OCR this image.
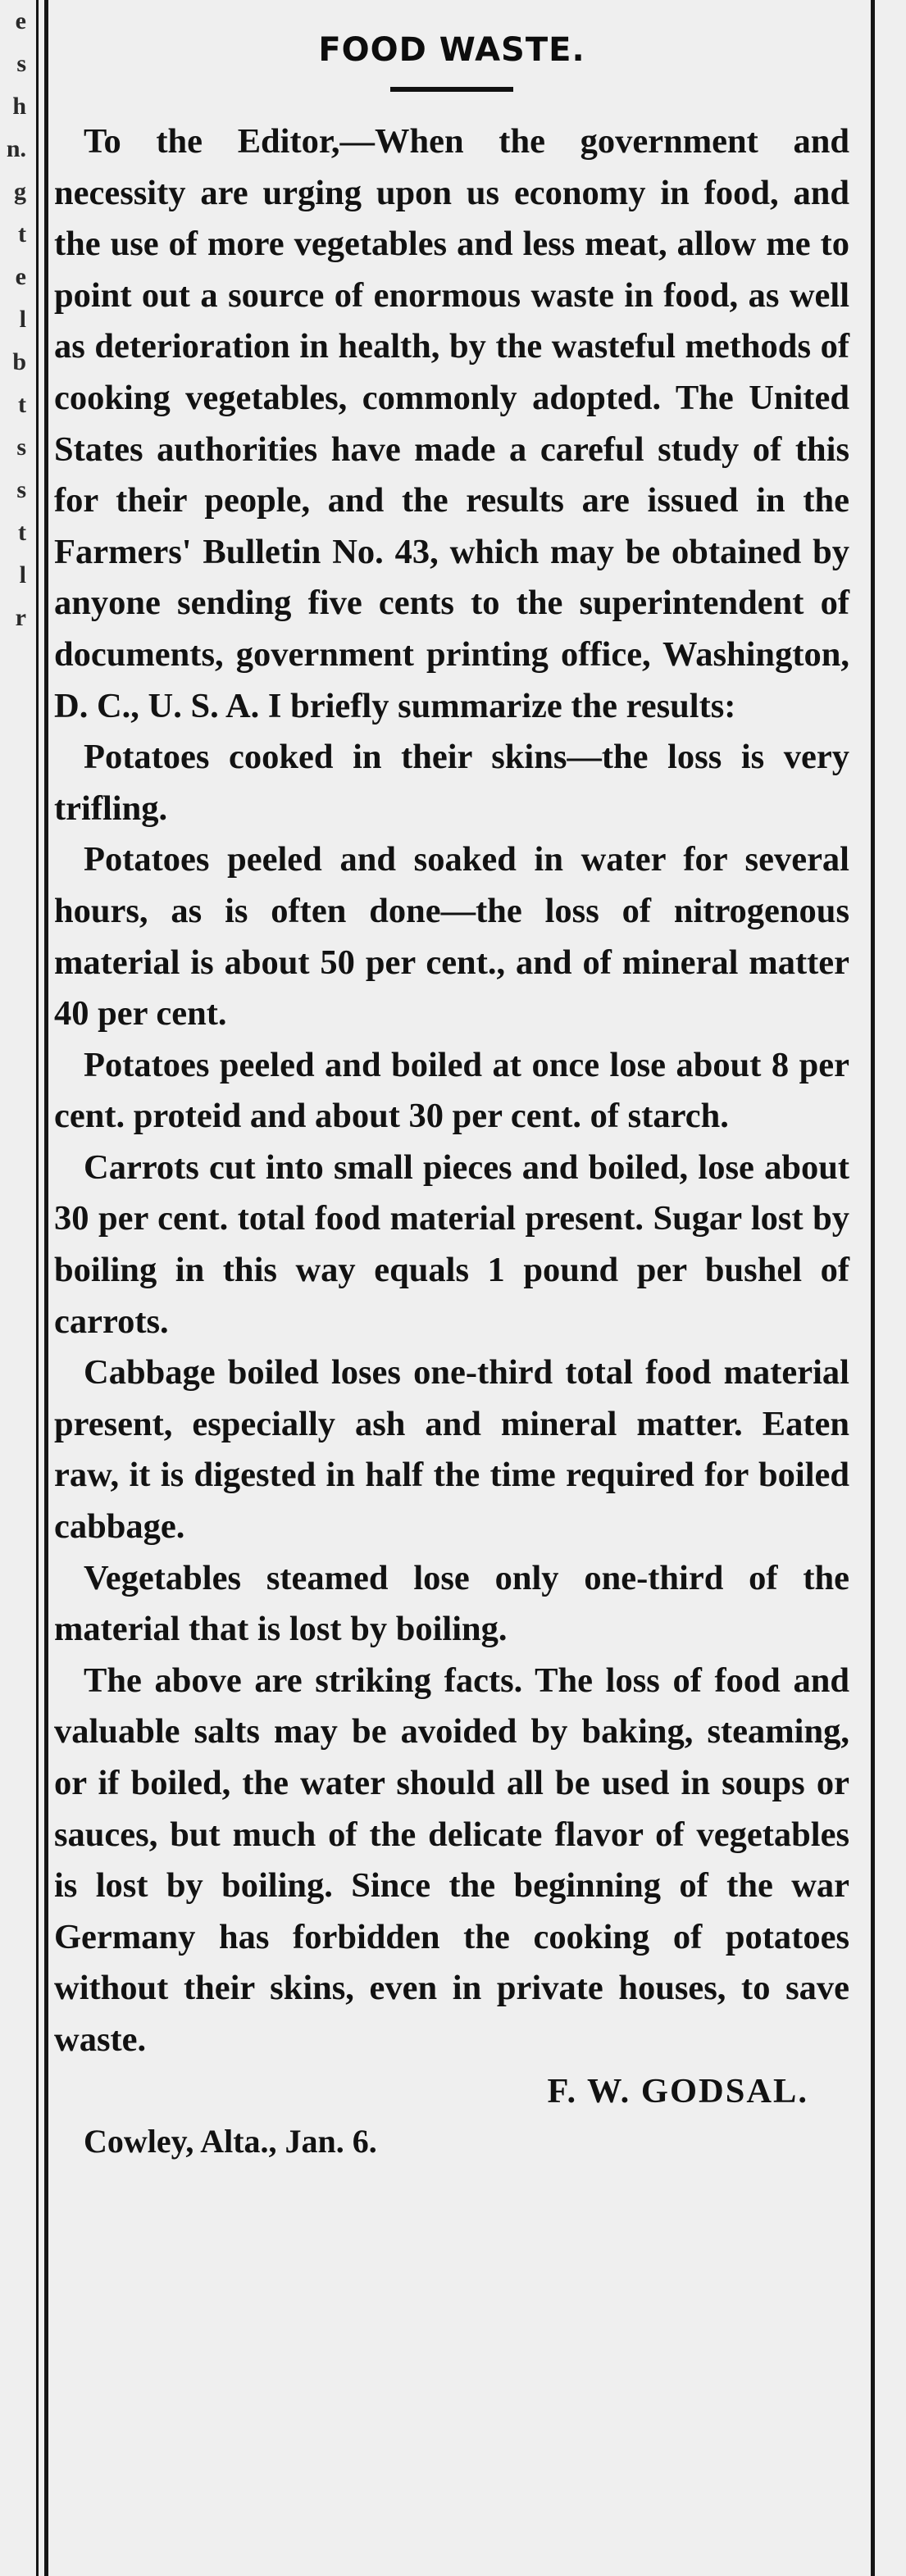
e
s
h
n.
g
t
e
l
b
t
s
s
t
l
r
FOOD WASTE.

To the Editor,—When the government and necessity are urging upon us economy in food, and the use of more vegetables and less meat, allow me to point out a source of enormous waste in food, as well as deterioration in health, by the wasteful methods of cooking vegetables, commonly adopted. The United States authorities have made a careful study of this for their people, and the results are issued in the Farmers' Bulletin No. 43, which may be obtained by anyone sending five cents to the superintendent of documents, government printing office, Washington, D. C., U. S. A. I briefly summarize the results:

Potatoes cooked in their skins—the loss is very trifling.

Potatoes peeled and soaked in water for several hours, as is often done—the loss of nitrogenous material is about 50 per cent., and of mineral matter 40 per cent.

Potatoes peeled and boiled at once lose about 8 per cent. proteid and about 30 per cent. of starch.

Carrots cut into small pieces and boiled, lose about 30 per cent. total food material present. Sugar lost by boiling in this way equals 1 pound per bushel of carrots.

Cabbage boiled loses one-third total food material present, especially ash and mineral matter. Eaten raw, it is digested in half the time required for boiled cabbage.

Vegetables steamed lose only one-third of the material that is lost by boiling.

The above are striking facts. The loss of food and valuable salts may be avoided by baking, steaming, or if boiled, the water should all be used in soups or sauces, but much of the delicate flavor of vegetables is lost by boiling. Since the beginning of the war Germany has forbidden the cooking of potatoes without their skins, even in private houses, to save waste.

F. W. GODSAL.

Cowley, Alta., Jan. 6.
